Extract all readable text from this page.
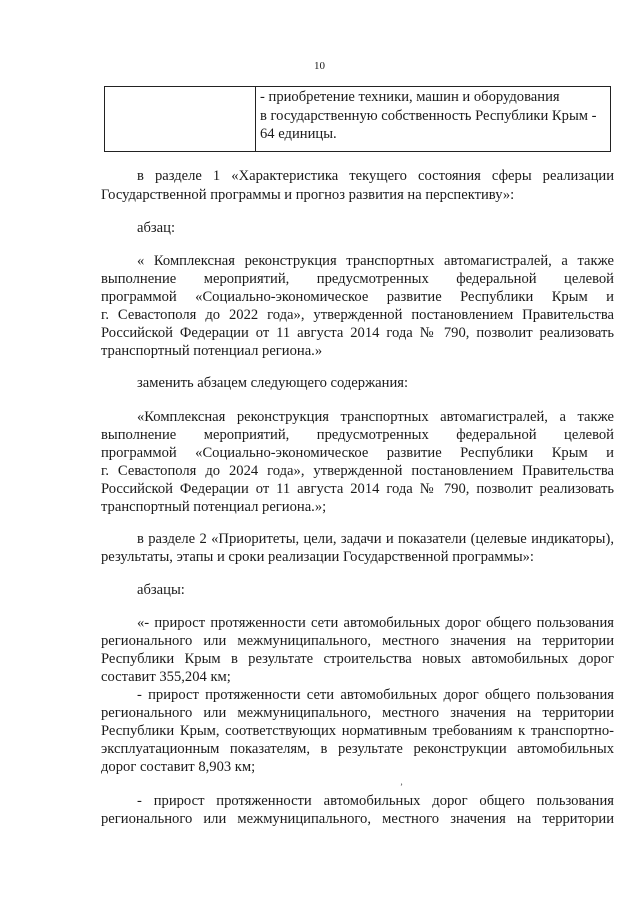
10

- приобретение техники, машин и оборудования
в государственную собственность Республики Крым -
64 единицы.
в разделе 1 «Характеристика текущего состояния сферы реализации
Государственной программы и прогноз развития на перспективу»:
абзац:
« Комплексная реконструкция транспортных автомагистралей, а также
выполнение мероприятий, предусмотренных федеральной целевой
программой «Социально-экономическое развитие Республики Крым и
г. Севастополя до 2022 года», утвержденной постановлением Правительства
Российской Федерации от 11 августа 2014 года № 790, позволит реализовать
транспортный потенциал региона.»
заменить абзацем следующего содержания:
«Комплексная реконструкция транспортных автомагистралей, а также
выполнение мероприятий, предусмотренных федеральной целевой
программой «Социально-экономическое развитие Республики Крым и
г. Севастополя до 2024 года», утвержденной постановлением Правительства
Российской Федерации от 11 августа 2014 года № 790, позволит реализовать
транспортный потенциал региона.»;
в разделе 2 «Приоритеты, цели, задачи и показатели (целевые индикаторы),
результаты, этапы и сроки реализации Государственной программы»:
абзацы:
«- прирост протяженности сети автомобильных дорог общего пользования
регионального или межмуниципального, местного значения на территории
Республики Крым в результате строительства новых автомобильных дорог
составит 355,204 км;
- прирост протяженности сети автомобильных дорог общего пользования
регионального или межмуниципального, местного значения на территории
Республики Крым, соответствующих нормативным требованиям к транспортно-
эксплуатационным показателям, в результате реконструкции автомобильных
дорог составит 8,903 км;
ʼ
- прирост протяженности автомобильных дорог общего пользования
регионального или межмуниципального, местного значения на территории
